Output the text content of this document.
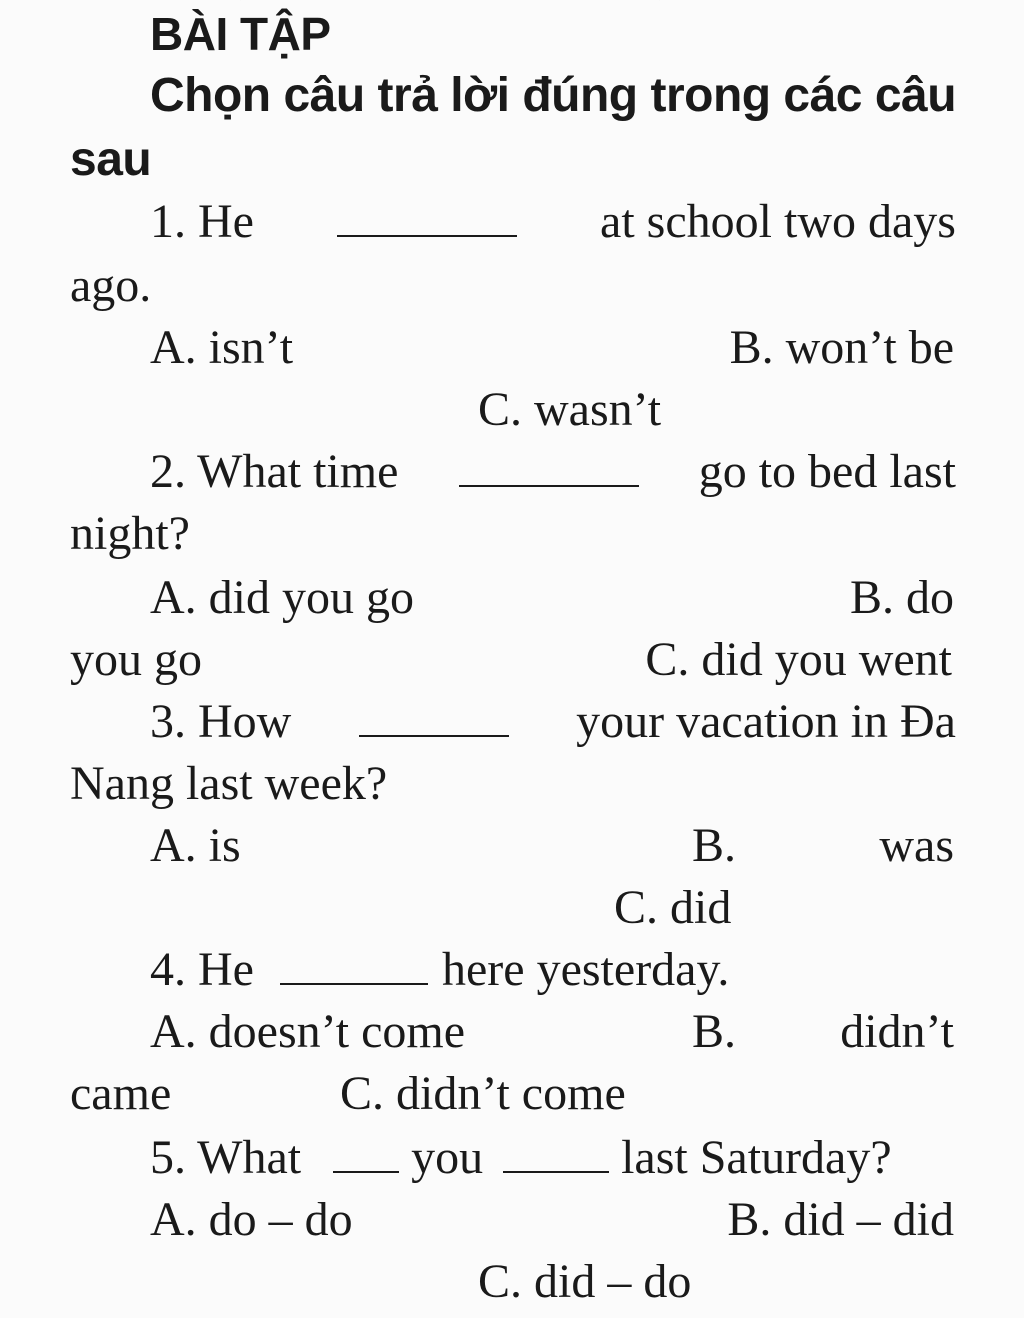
BÀI TẬP
Chọn câu trả lời đúng trong các câu
sau
1. He	at school two days
ago.
A. isn’t	B. won’t be
C. wasn’t
2. What time	go to bed last
night?
A. did you go	B. do
you go	C. did you went
3. How	your vacation in Đa
Nang last week?
A. is	B.	was
C. did
4. He	here yesterday.
A. doesn’t come	B. didn’t
came	C. didn’t come
5. What you	last Saturday?
A. do – do	B. did – did
C. did – do
